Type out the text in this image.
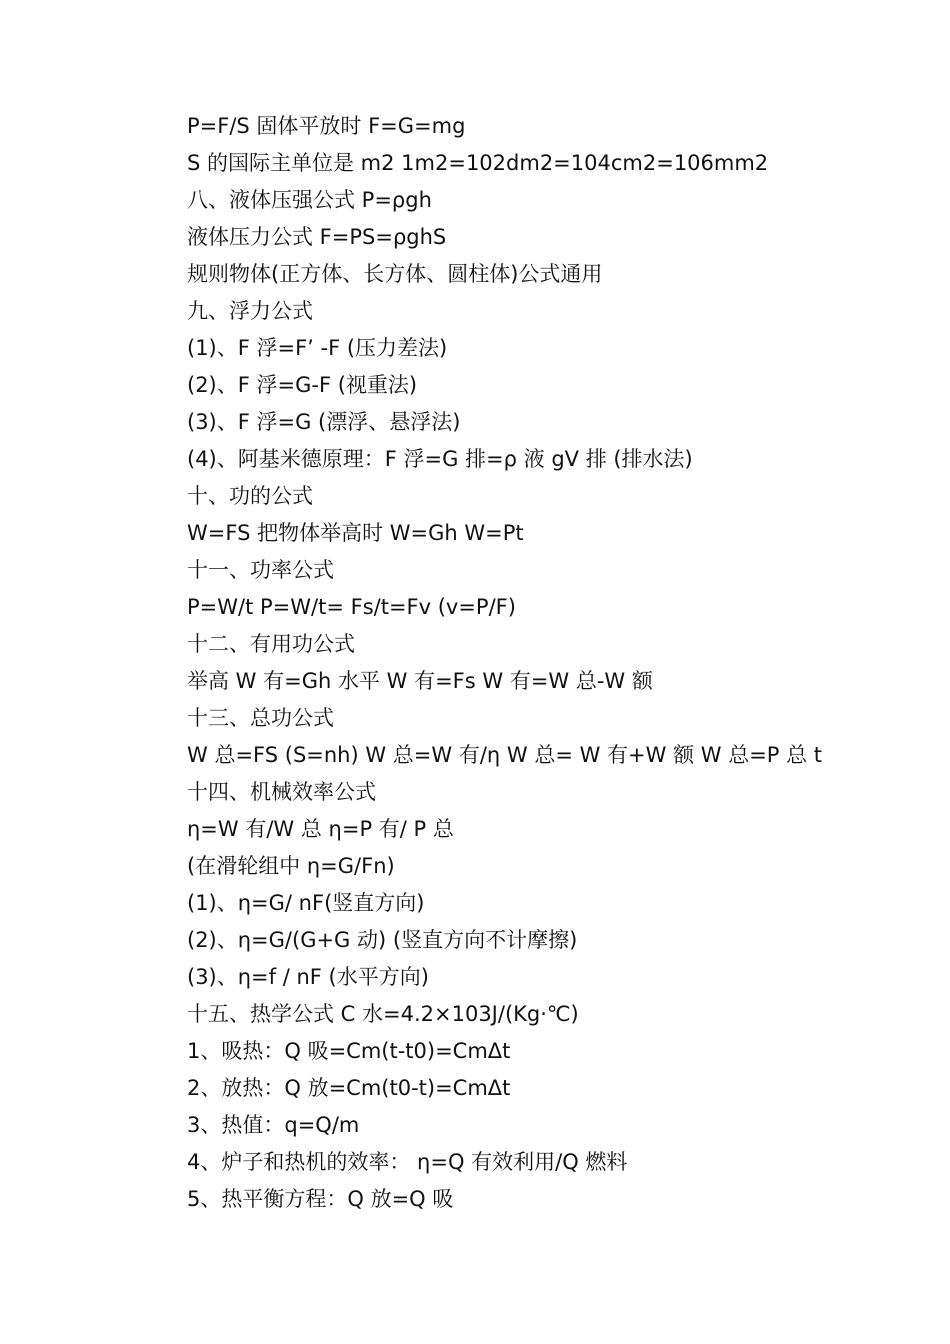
P=F/S 固体平放时 F=G=mg
S 的国际主单位是 m2 1m2=102dm2=104cm2=106mm2
八、液体压强公式 P=ρgh
液体压力公式 F=PS=ρghS
规则物体(正方体、长方体、圆柱体)公式通用
九、浮力公式
(1)、F 浮=F’ -F (压力差法)
(2)、F 浮=G-F (视重法)
(3)、F 浮=G (漂浮、悬浮法)
(4)、阿基米德原理：F 浮=G 排=ρ 液 gV 排 (排水法)
十、功的公式
W=FS 把物体举高时 W=Gh W=Pt
十一、功率公式
P=W/t P=W/t= Fs/t=Fv (v=P/F)
十二、有用功公式
举高 W 有=Gh 水平 W 有=Fs W 有=W 总-W 额
十三、总功公式
W 总=FS (S=nh) W 总=W 有/η W 总= W 有+W 额 W 总=P 总 t
十四、机械效率公式
η=W 有/W 总 η=P 有/ P 总
(在滑轮组中 η=G/Fn)
(1)、η=G/ nF(竖直方向)
(2)、η=G/(G+G 动) (竖直方向不计摩擦)
(3)、η=f / nF (水平方向)
十五、热学公式 C 水=4.2×103J/(Kg·℃)
1、吸热：Q 吸=Cm(t-t0)=CmΔt
2、放热：Q 放=Cm(t0-t)=CmΔt
3、热值：q=Q/m
4、炉子和热机的效率： η=Q 有效利用/Q 燃料
5、热平衡方程：Q 放=Q 吸
